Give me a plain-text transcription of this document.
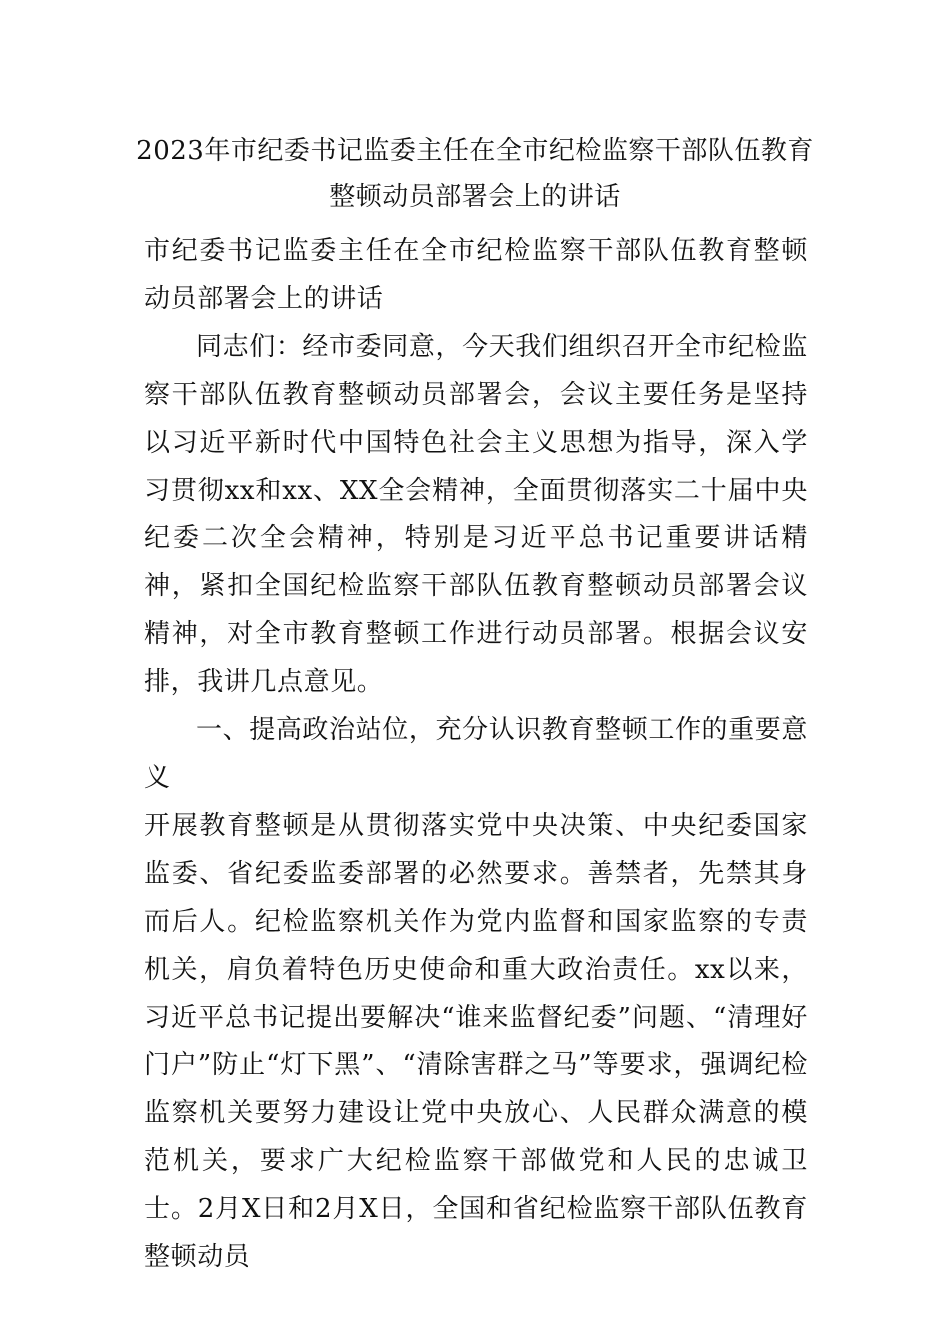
2023年市纪委书记监委主任在全市纪检监察干部队伍教育
整顿动员部署会上的讲话

市纪委书记监委主任在全市纪检监察干部队伍教育整顿动员部署会上的讲话

同志们：经市委同意，今天我们组织召开全市纪检监察干部队伍教育整顿动员部署会，会议主要任务是坚持以习近平新时代中国特色社会主义思想为指导，深入学习贯彻xx和xx、XX全会精神，全面贯彻落实二十届中央纪委二次全会精神，特别是习近平总书记重要讲话精神，紧扣全国纪检监察干部队伍教育整顿动员部署会议精神，对全市教育整顿工作进行动员部署。根据会议安排，我讲几点意见。

一、提高政治站位，充分认识教育整顿工作的重要意义

开展教育整顿是从贯彻落实党中央决策、中央纪委国家监委、省纪委监委部署的必然要求。善禁者，先禁其身而后人。纪检监察机关作为党内监督和国家监察的专责机关，肩负着特色历史使命和重大政治责任。xx以来，习近平总书记提出要解决“谁来监督纪委”问题、“清理好门户”防止“灯下黑”、“清除害群之马”等要求，强调纪检监察机关要努力建设让党中央放心、人民群众满意的模范机关，要求广大纪检监察干部做党和人民的忠诚卫士。2月X日和2月X日，全国和省纪检监察干部队伍教育整顿动员
